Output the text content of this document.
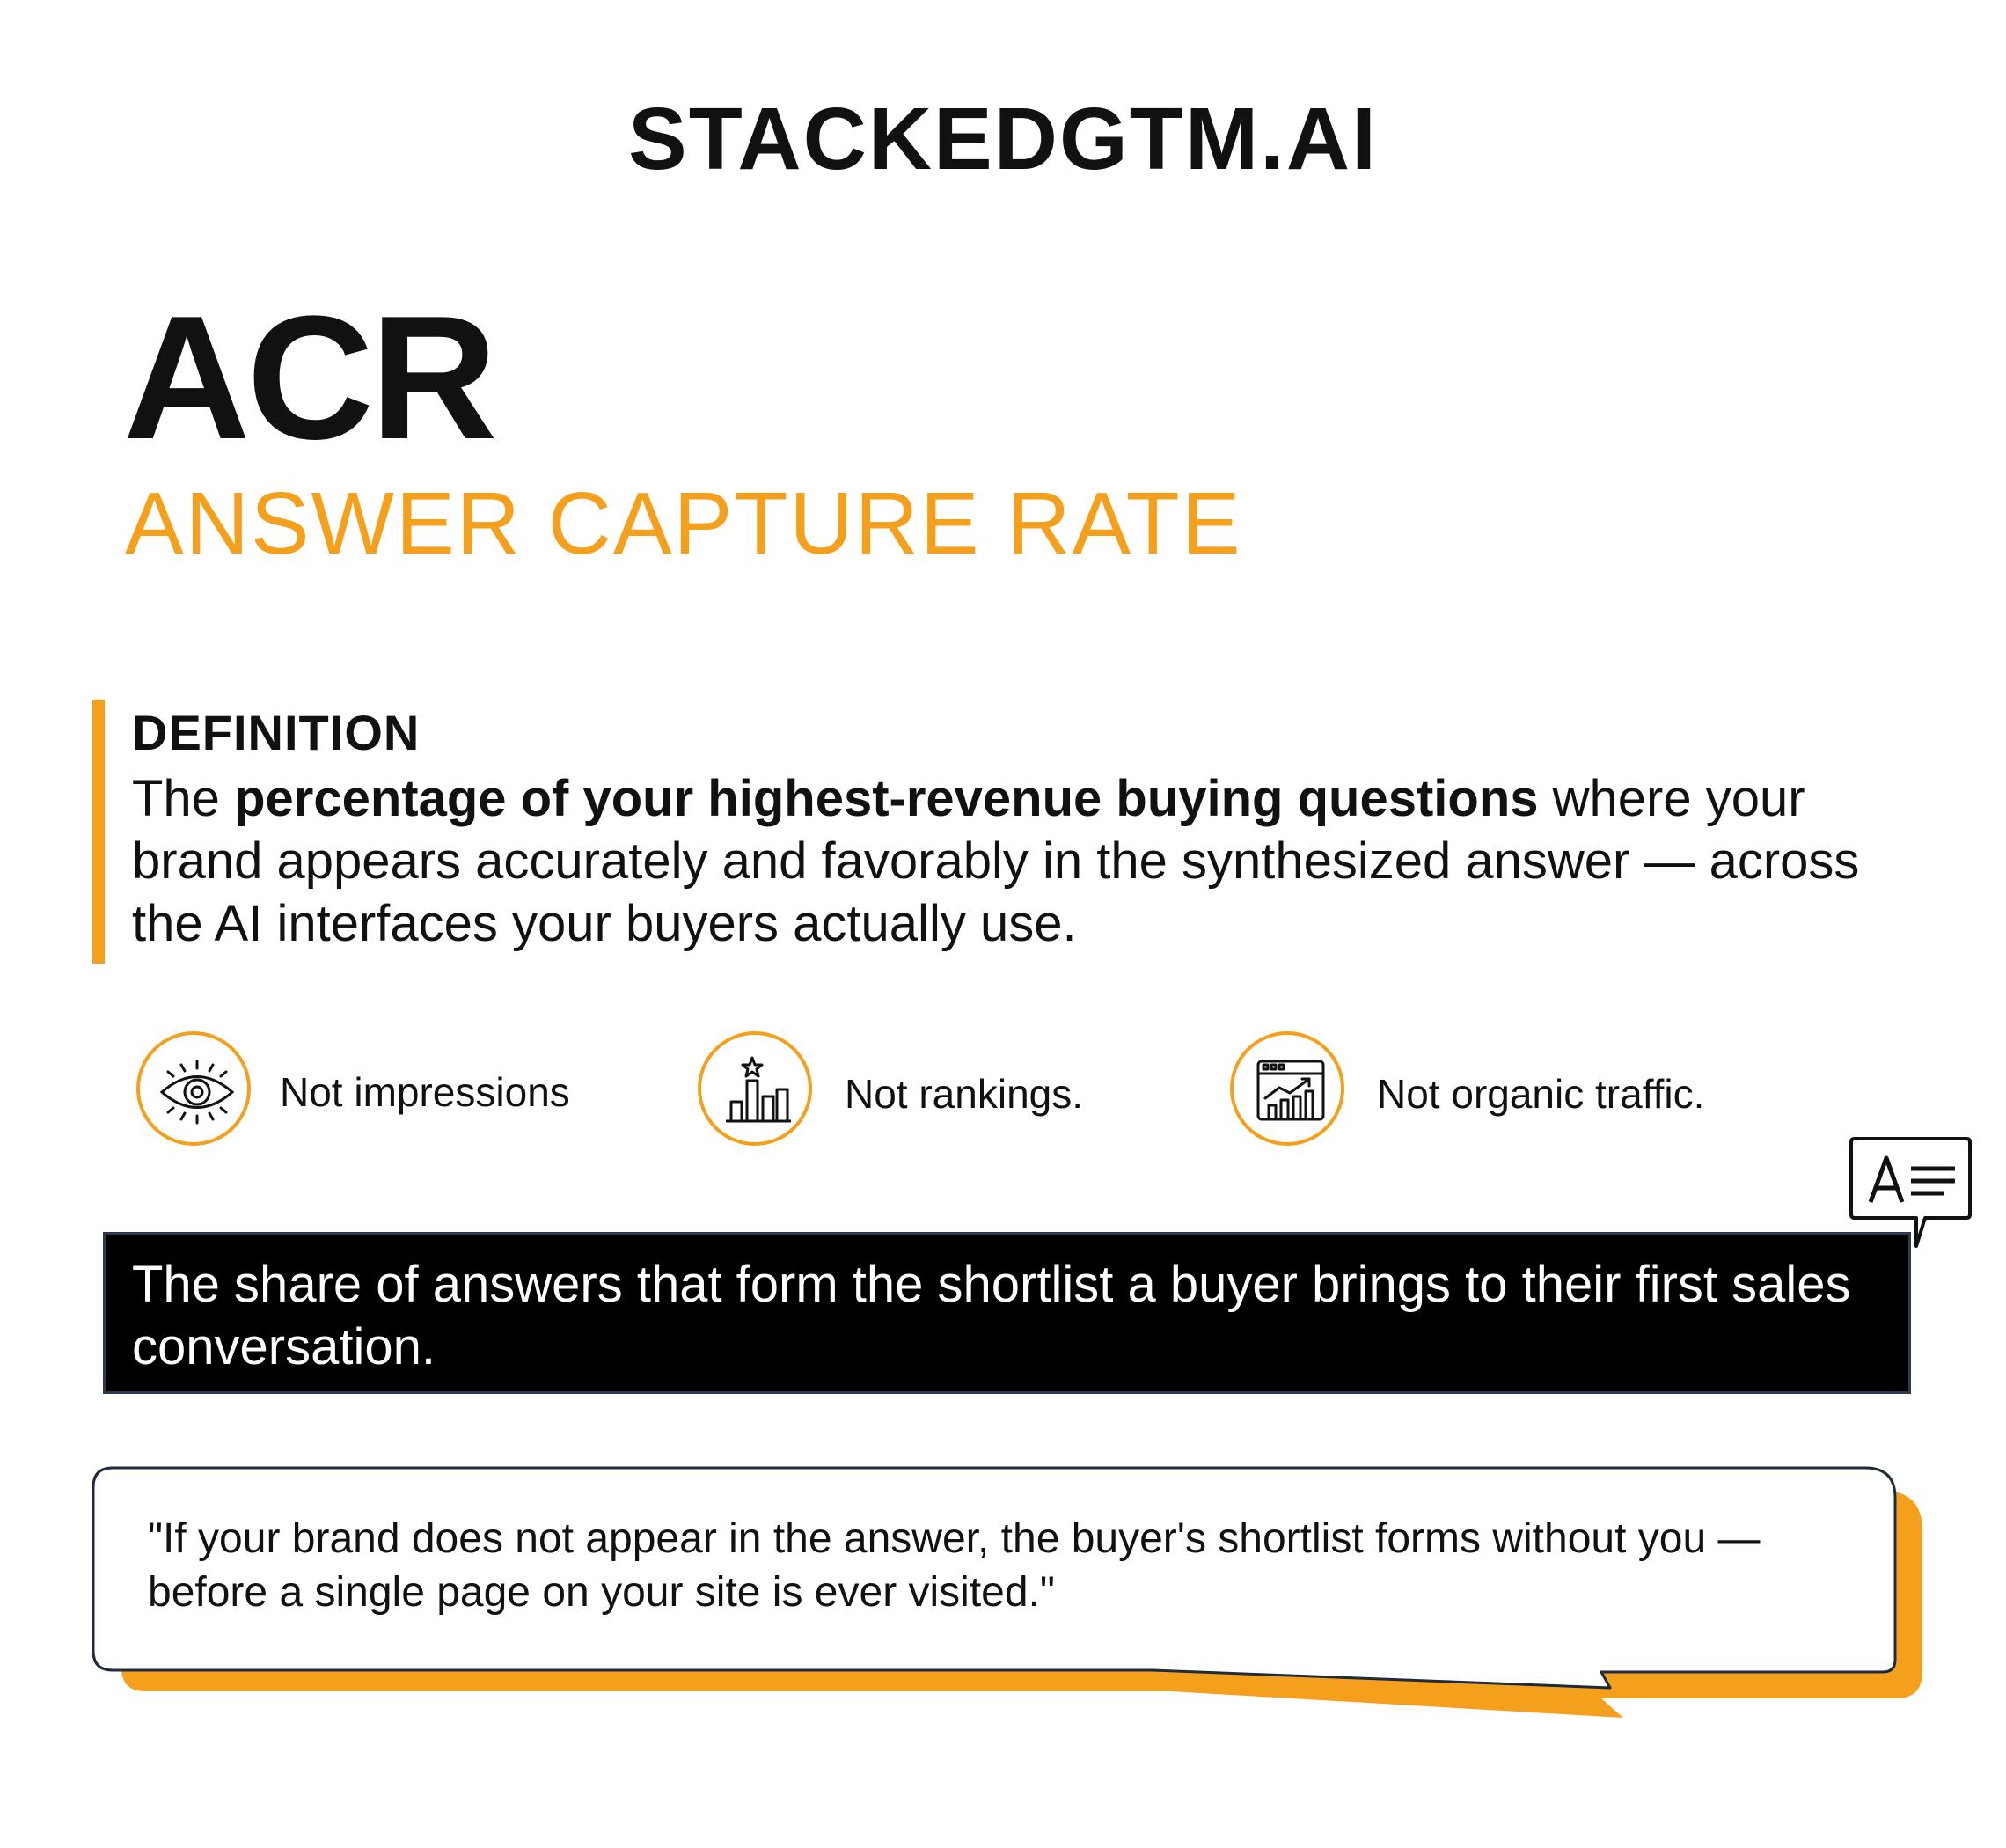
STACKEDGTM.AI
ACR
ANSWER CAPTURE RATE
DEFINITION
The percentage of your highest-revenue buying questions where your brand appears accurately and favorably in the synthesized answer — across the AI interfaces your buyers actually use.
Not impressions	Not rankings.	Not organic traffic.
The share of answers that form the shortlist a buyer brings to their first sales conversation.
"If your brand does not appear in the answer, the buyer's shortlist forms without you — before a single page on your site is ever visited."
